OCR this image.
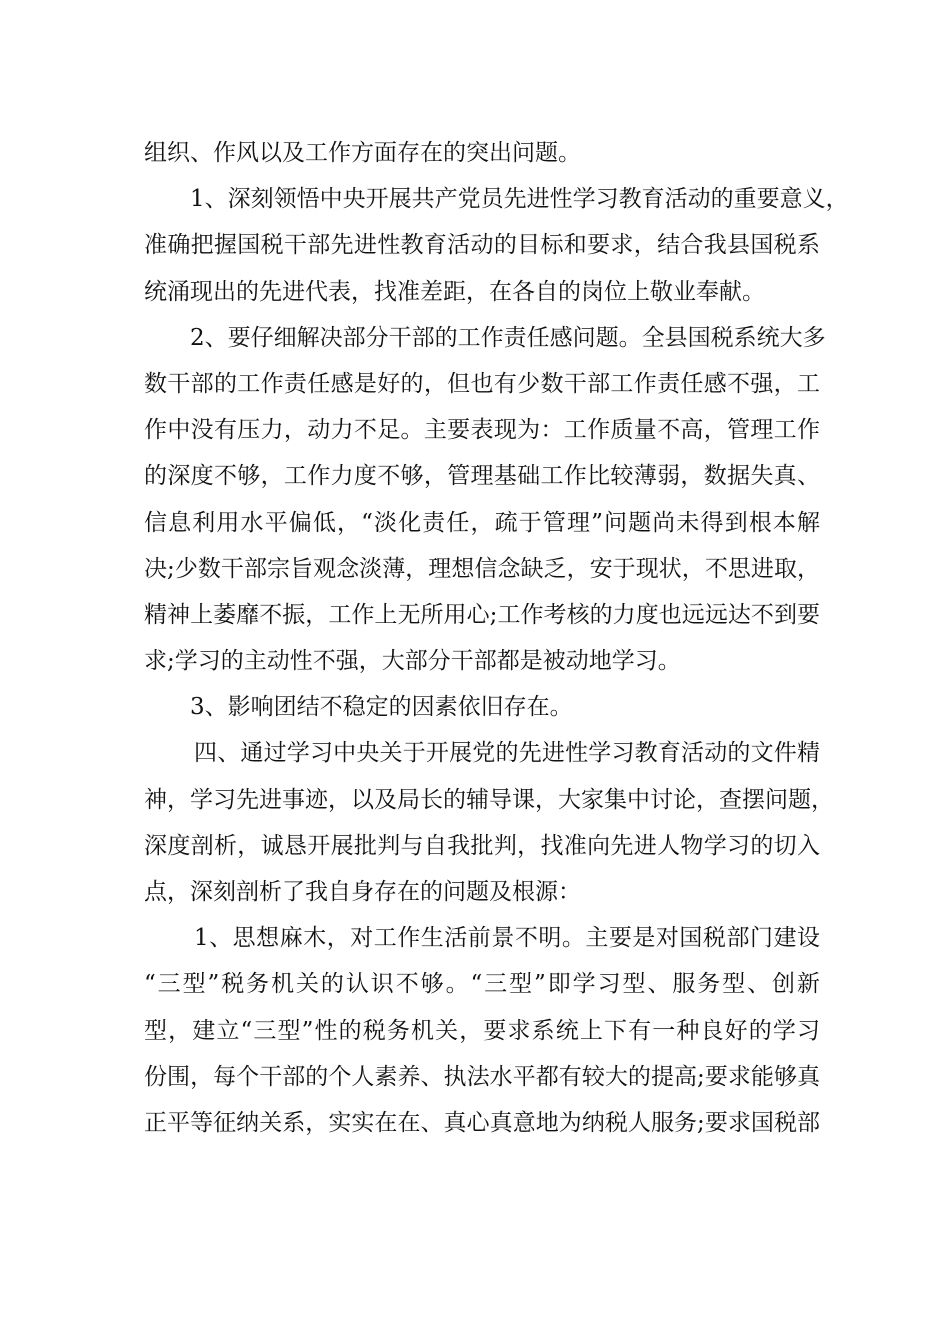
组织、作风以及工作方面存在的突出问题。
1、深刻领悟中央开展共产党员先进性学习教育活动的重要意义，
准确把握国税干部先进性教育活动的目标和要求，结合我县国税系
统涌现出的先进代表，找准差距，在各自的岗位上敬业奉献。
2、要仔细解决部分干部的工作责任感问题。全县国税系统大多
数干部的工作责任感是好的，但也有少数干部工作责任感不强，工
作中没有压力，动力不足。主要表现为：工作质量不高，管理工作
的深度不够，工作力度不够，管理基础工作比较薄弱，数据失真、
信息利用水平偏低，“淡化责任，疏于管理”问题尚未得到根本解
决;少数干部宗旨观念淡薄，理想信念缺乏，安于现状，不思进取，
精神上萎靡不振，工作上无所用心;工作考核的力度也远远达不到要
求;学习的主动性不强，大部分干部都是被动地学习。
3、影响团结不稳定的因素依旧存在。
四、通过学习中央关于开展党的先进性学习教育活动的文件精
神，学习先进事迹，以及局长的辅导课，大家集中讨论，查摆问题，
深度剖析，诚恳开展批判与自我批判，找准向先进人物学习的切入
点，深刻剖析了我自身存在的问题及根源：
1、思想麻木，对工作生活前景不明。主要是对国税部门建设
“三型”税务机关的认识不够。“三型”即学习型、服务型、创新
型，建立“三型”性的税务机关，要求系统上下有一种良好的学习
份围，每个干部的个人素养、执法水平都有较大的提高;要求能够真
正平等征纳关系，实实在在、真心真意地为纳税人服务;要求国税部
